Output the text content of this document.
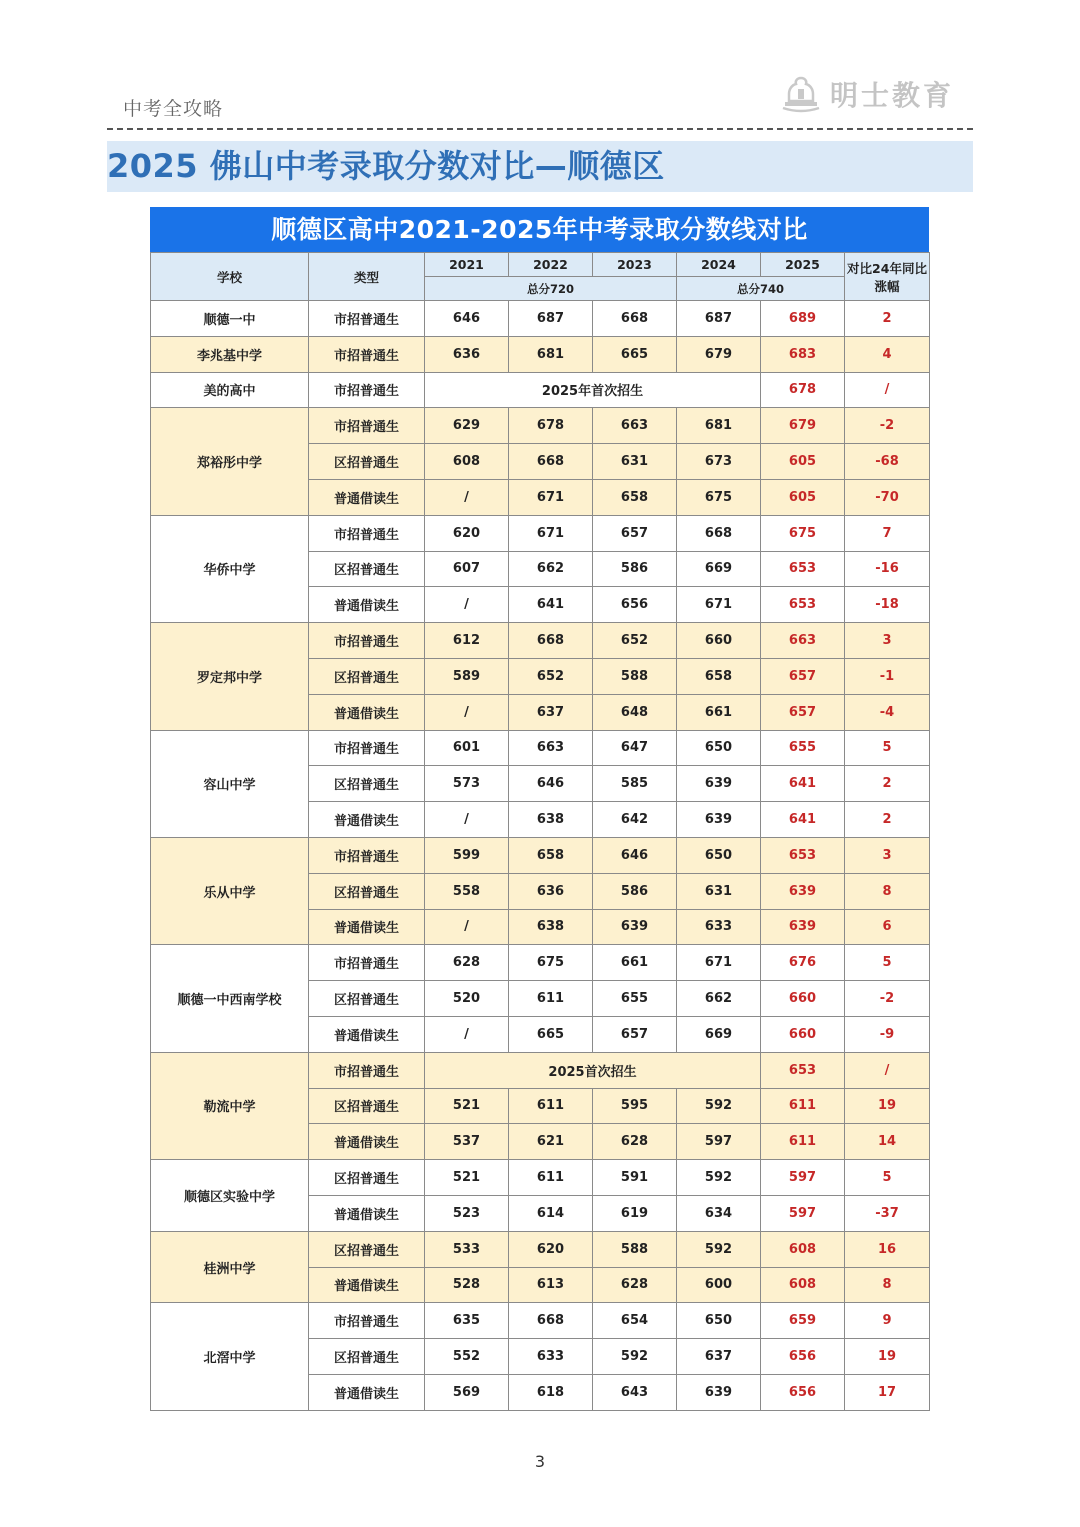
中考全攻略	明士教育
2025 佛山中考录取分数对比—顺德区
顺德区高中2021-2025年中考录取分数线对比
学校	类型	2021	2022	2023	2024	2025	对比24年同比涨幅
		总分720			总分740		
顺德一中	市招普通生	646	687	668	687	689	2
李兆基中学	市招普通生	636	681	665	679	683	4
美的高中	市招普通生	2025年首次招生				678	/
郑裕彤中学	市招普通生	629	678	663	681	679	-2
	区招普通生	608	668	631	673	605	-68
	普通借读生	/	671	658	675	605	-70
华侨中学	市招普通生	620	671	657	668	675	7
	区招普通生	607	662	586	669	653	-16
	普通借读生	/	641	656	671	653	-18
罗定邦中学	市招普通生	612	668	652	660	663	3
	区招普通生	589	652	588	658	657	-1
	普通借读生	/	637	648	661	657	-4
容山中学	市招普通生	601	663	647	650	655	5
	区招普通生	573	646	585	639	641	2
	普通借读生	/	638	642	639	641	2
乐从中学	市招普通生	599	658	646	650	653	3
	区招普通生	558	636	586	631	639	8
	普通借读生	/	638	639	633	639	6
顺德一中西南学校	市招普通生	628	675	661	671	676	5
	区招普通生	520	611	655	662	660	-2
	普通借读生	/	665	657	669	660	-9
勒流中学	市招普通生	2025首次招生				653	/
	区招普通生	521	611	595	592	611	19
	普通借读生	537	621	628	597	611	14
顺德区实验中学	区招普通生	521	611	591	592	597	5
	普通借读生	523	614	619	634	597	-37
桂洲中学	区招普通生	533	620	588	592	608	16
	普通借读生	528	613	628	600	608	8
北滘中学	市招普通生	635	668	654	650	659	9
	区招普通生	552	633	592	637	656	19
	普通借读生	569	618	643	639	656	17
3
